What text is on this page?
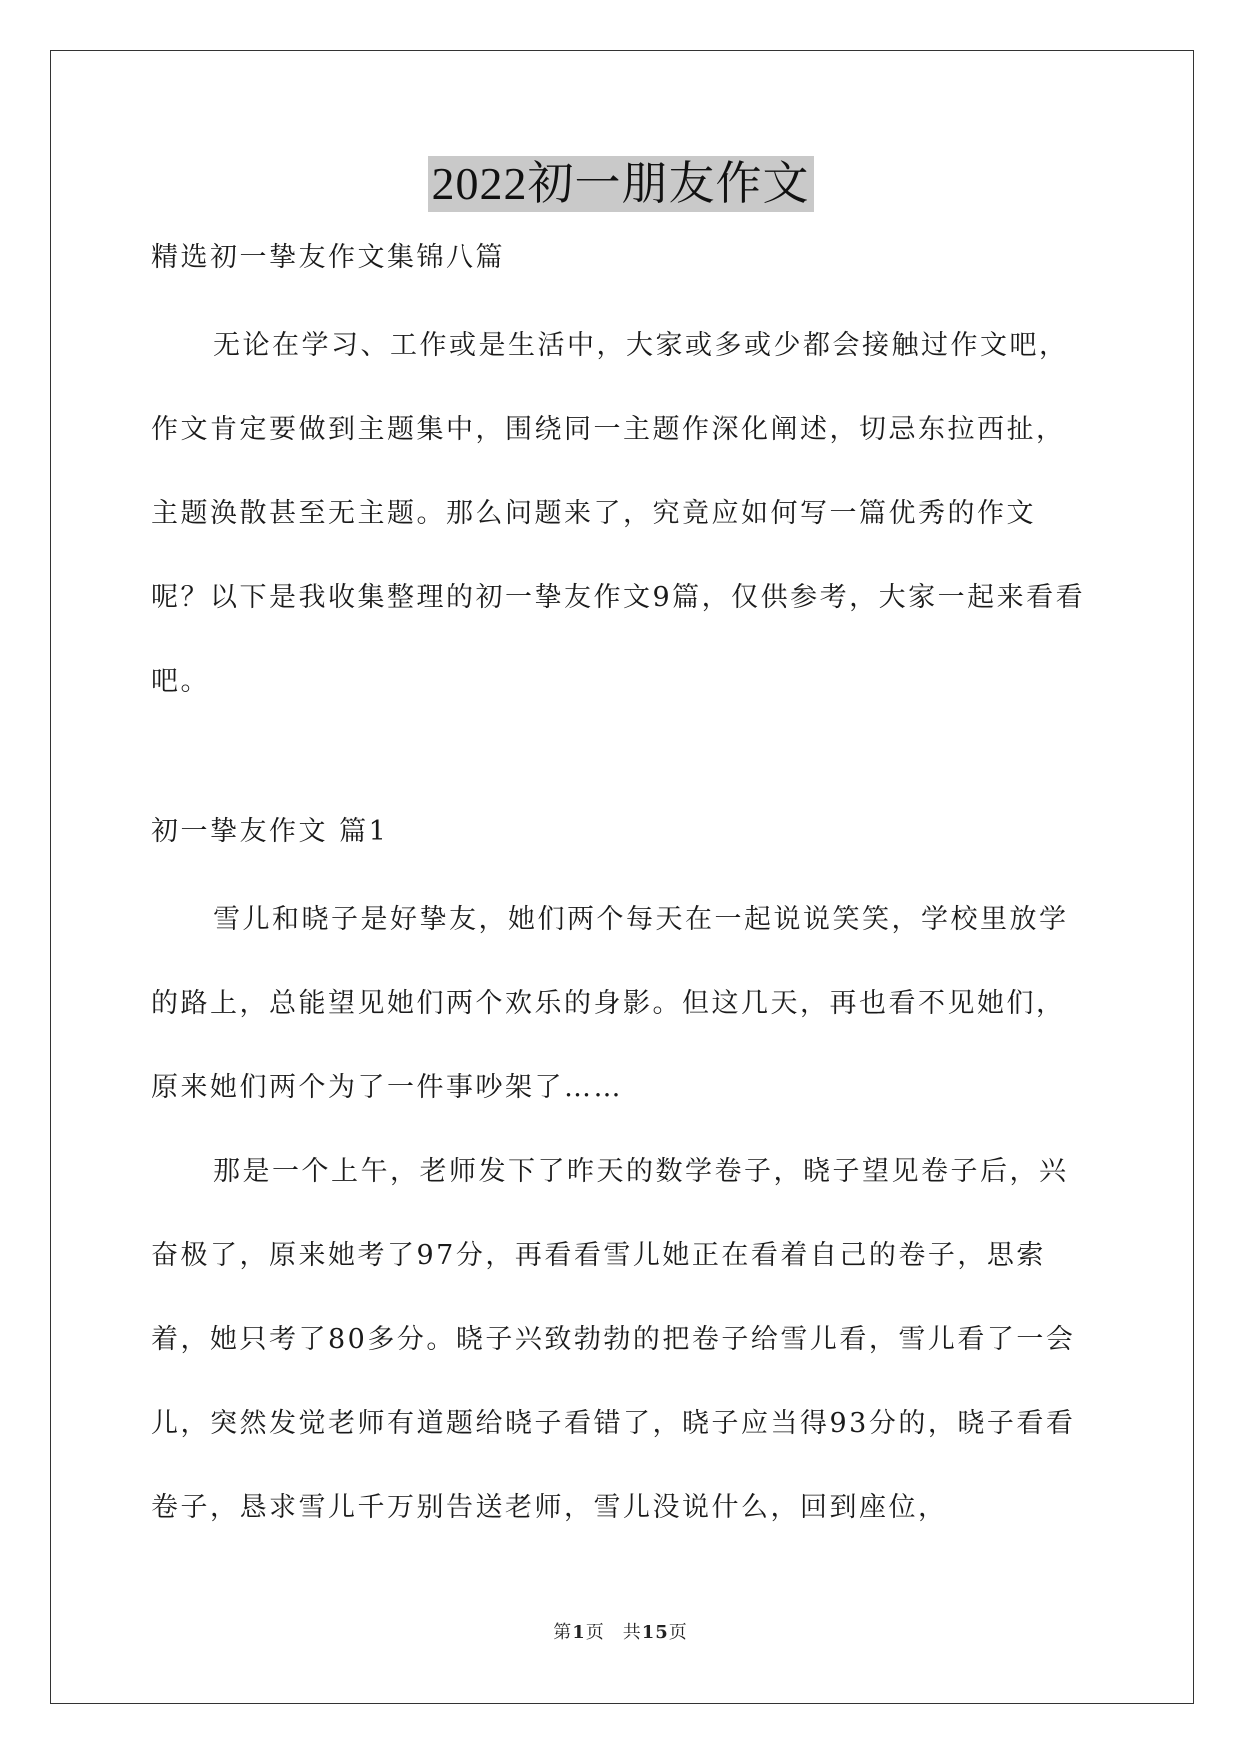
2022初一朋友作文

精选初一挚友作文集锦八篇

无论在学习、工作或是生活中，大家或多或少都会接触过作文吧，作文肯定要做到主题集中，围绕同一主题作深化阐述，切忌东拉西扯，主题涣散甚至无主题。那么问题来了，究竟应如何写一篇优秀的作文呢？以下是我收集整理的初一挚友作文9篇，仅供参考，大家一起来看看吧。

初一挚友作文 篇1

雪儿和晓子是好挚友，她们两个每天在一起说说笑笑，学校里放学的路上，总能望见她们两个欢乐的身影。但这几天，再也看不见她们，原来她们两个为了一件事吵架了……

那是一个上午，老师发下了昨天的数学卷子，晓子望见卷子后，兴奋极了，原来她考了97分，再看看雪儿她正在看着自己的卷子，思索着，她只考了80多分。晓子兴致勃勃的把卷子给雪儿看，雪儿看了一会儿，突然发觉老师有道题给晓子看错了，晓子应当得93分的，晓子看看卷子，恳求雪儿千万别告送老师，雪儿没说什么，回到座位，

第1页 共15页
